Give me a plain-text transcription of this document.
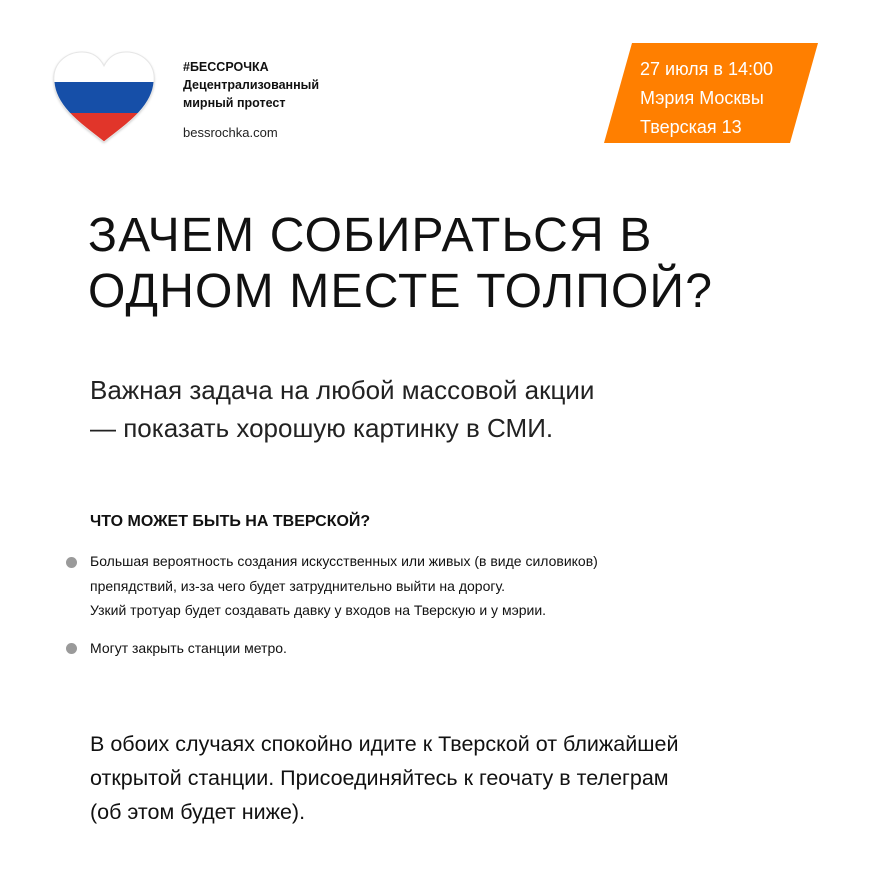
#БЕССРОЧКА
Децентрализованный
мирный протест
bessrochka.com
27 июля в 14:00
Мэрия Москвы
Тверская 13
ЗАЧЕМ СОБИРАТЬСЯ В
ОДНОМ МЕСТЕ ТОЛПОЙ?
Важная задача на любой массовой акции
— показать хорошую картинку в СМИ.
ЧТО МОЖЕТ БЫТЬ НА ТВЕРСКОЙ?
Большая вероятность создания искусственных или живых (в виде силовиков)
препядствий, из-за чего будет затруднительно выйти на дорогу.
Узкий тротуар будет создавать давку у входов на Тверскую и у мэрии.
Могут закрыть станции метро.
В обоих случаях спокойно идите к Тверской от ближайшей
открытой станции. Присоединяйтесь к геочату в телеграм
(об этом будет ниже).
